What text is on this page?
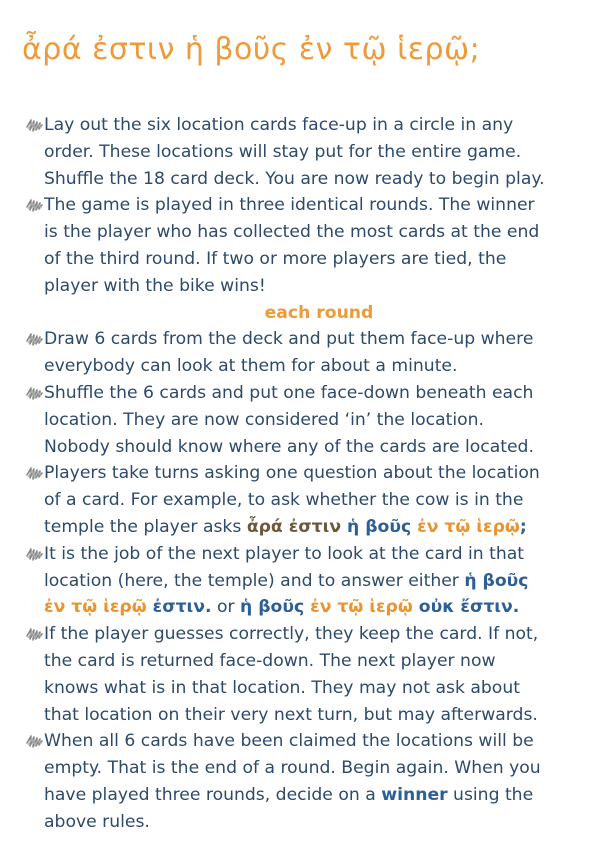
ἆρά ἐστιν ἡ βοῦς ἐν τῷ ἱερῷ;
Lay out the six location cards face-up in a circle in any
order. These locations will stay put for the entire game.
Shuffle the 18 card deck. You are now ready to begin play.
The game is played in three identical rounds. The winner
is the player who has collected the most cards at the end
of the third round. If two or more players are tied, the
player with the bike wins!
each round
Draw 6 cards from the deck and put them face-up where
everybody can look at them for about a minute.
Shuffle the 6 cards and put one face-down beneath each
location. They are now considered ‘in’ the location.
Nobody should know where any of the cards are located.
Players take turns asking one question about the location
of a card. For example, to ask whether the cow is in the
temple the player asks ἆρά ἐστιν ἡ βοῦς ἐν τῷ ἱερῷ;
It is the job of the next player to look at the card in that
location (here, the temple) and to answer either ἡ βοῦς
ἐν τῷ ἱερῷ ἐστιν. or ἡ βοῦς ἐν τῷ ἱερῷ οὐκ ἔστιν.
If the player guesses correctly, they keep the card. If not,
the card is returned face-down. The next player now
knows what is in that location. They may not ask about
that location on their very next turn, but may afterwards.
When all 6 cards have been claimed the locations will be
empty. That is the end of a round. Begin again. When you
have played three rounds, decide on a winner using the
above rules.
